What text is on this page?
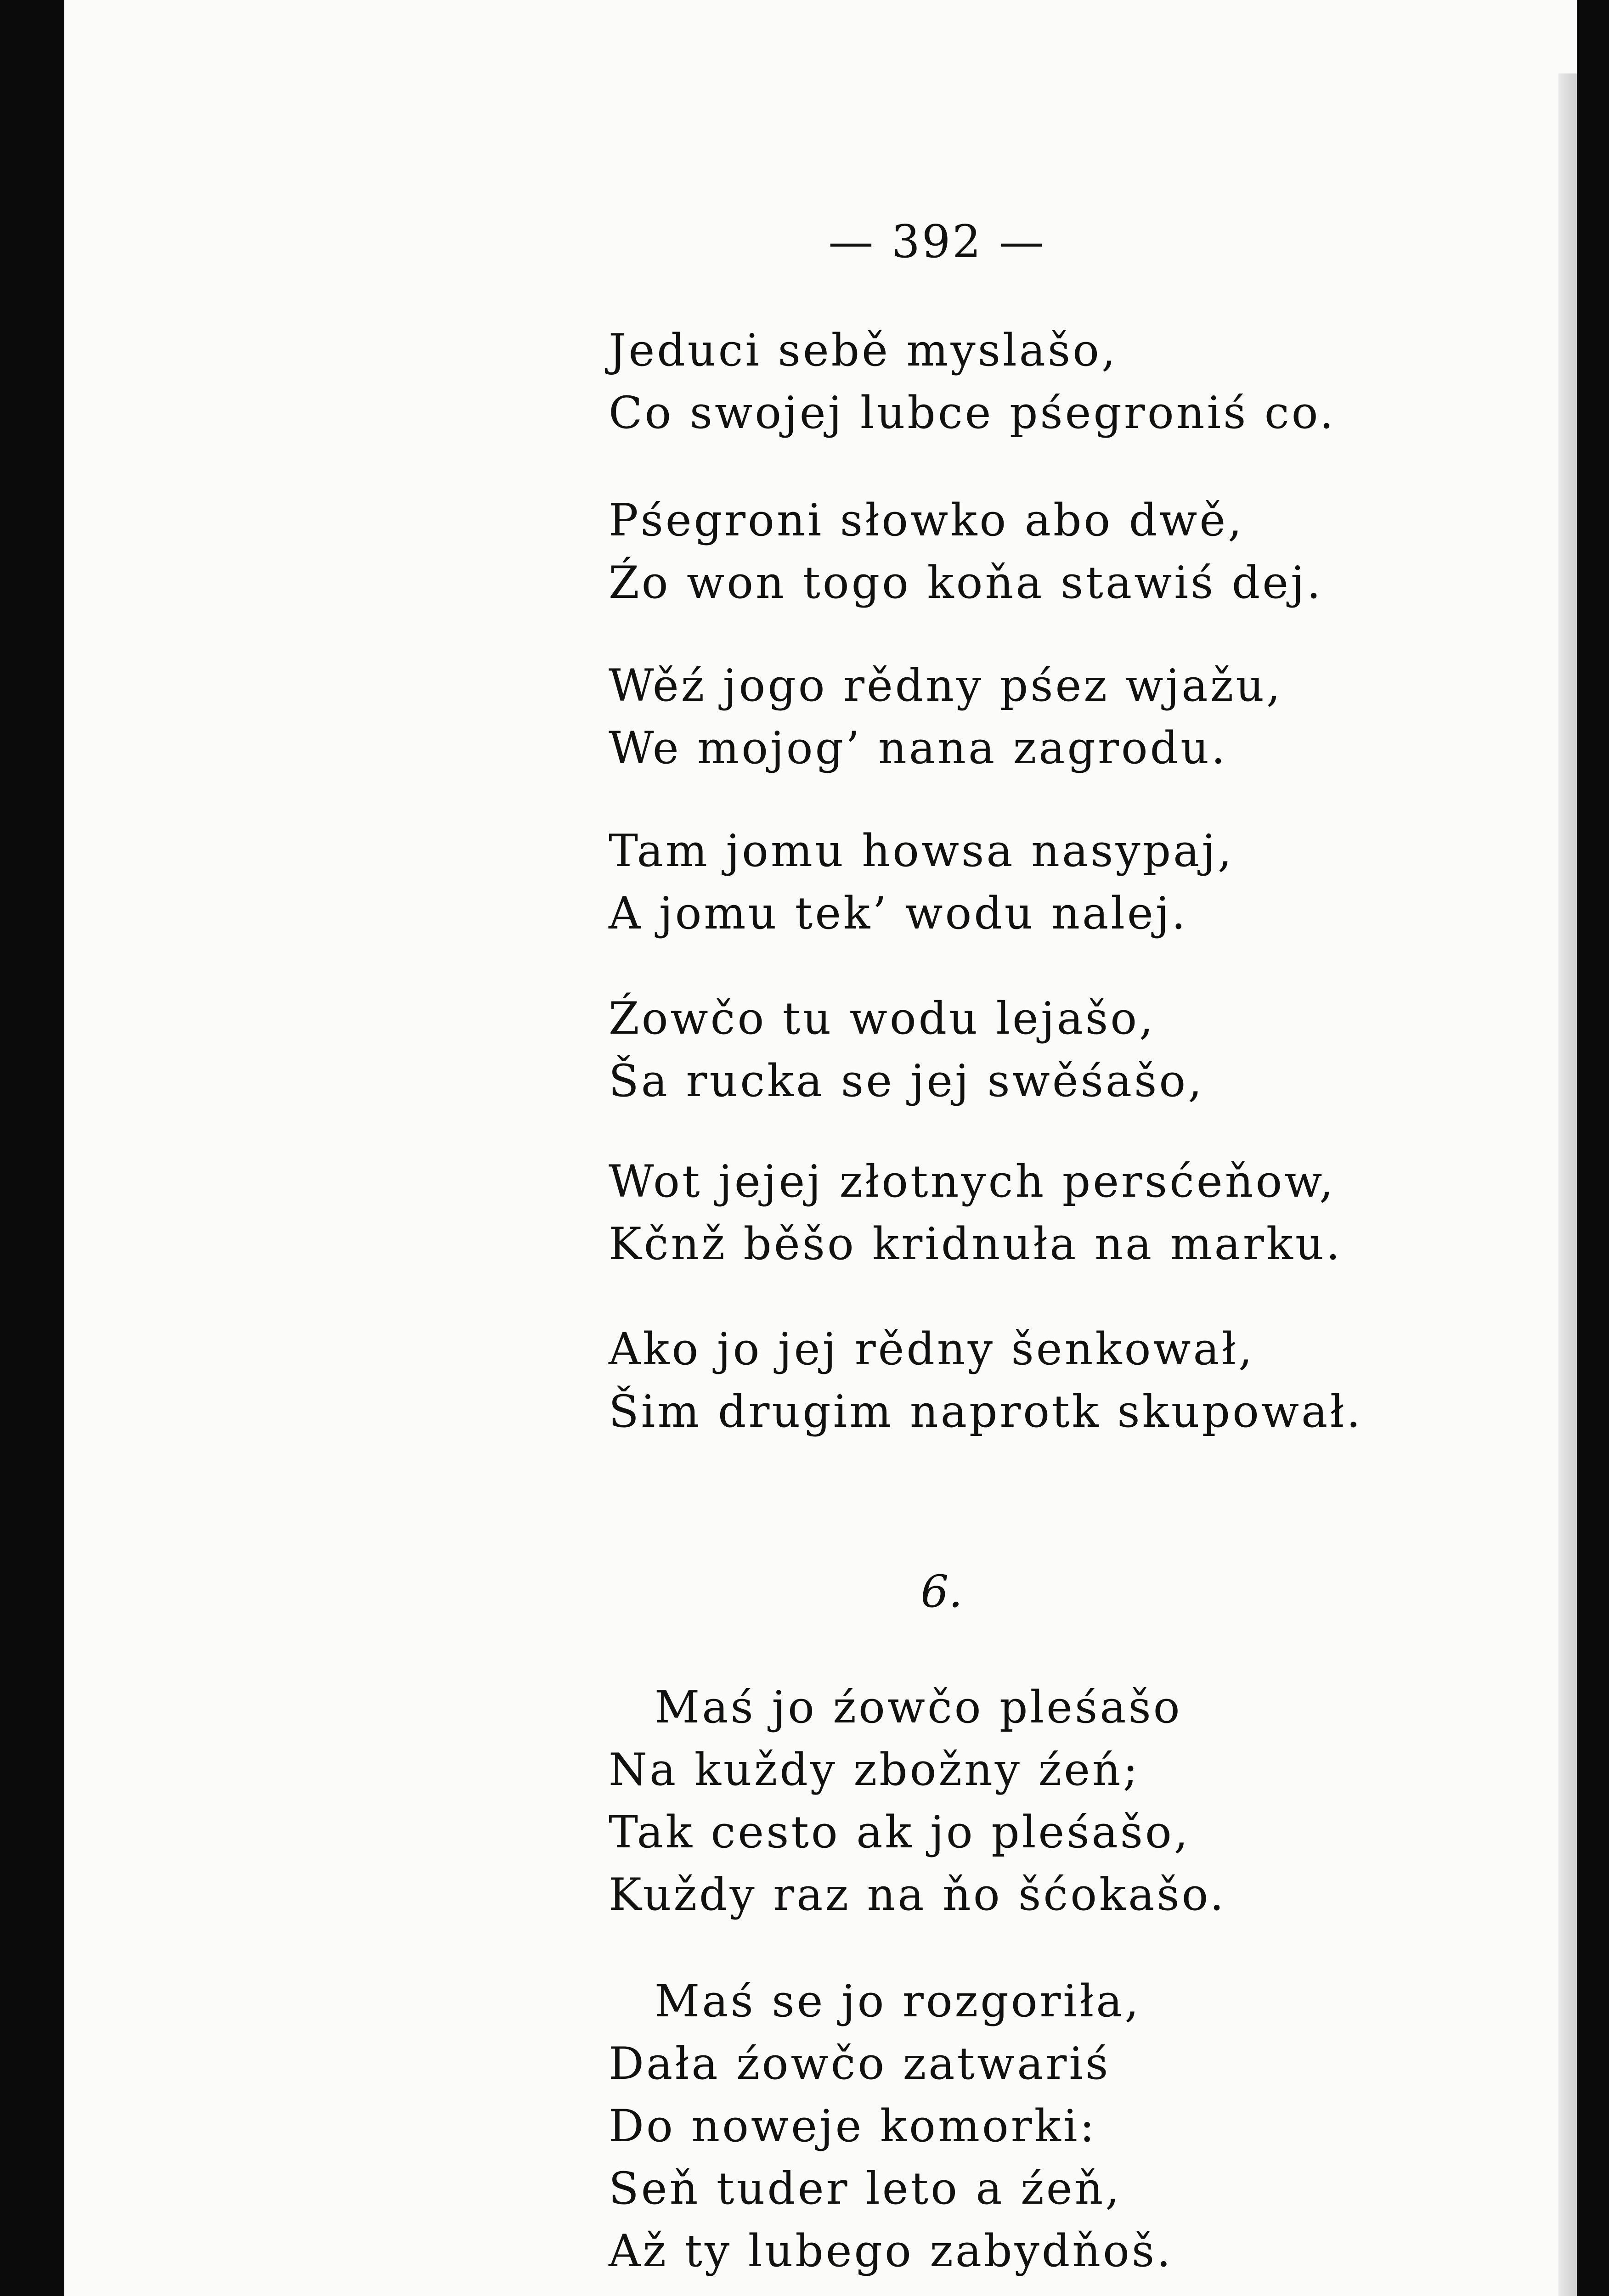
— 392 —
Jeduci sebě myslašo,
Co swojej lubce pśegroniś co.
Pśegroni słowko abo dwě,
Źo won togo koňa stawiś dej.
Wěź jogo rědny pśez wjažu,
We mojog’ nana zagrodu.
Tam jomu howsa nasypaj,
A jomu tek’ wodu nalej.
Źowčo tu wodu lejašo,
Ša rucka se jej swěśašo,
Wot jejej złotnych persćeňow,
Kčnž běšo kridnuła na marku.
Ako jo jej rědny šenkował,
Šim drugim naprotk skupował.
6.
Maś jo źowčo pleśašo
Na kuždy zbožny źeń;
Tak cesto ak jo pleśašo,
Kuždy raz na ňo šćokašo.
Maś se jo rozgoriła,
Dała źowčo zatwariś
Do noweje komorki:
Seň tuder leto a źeň,
Až ty lubego zabydňoš.
